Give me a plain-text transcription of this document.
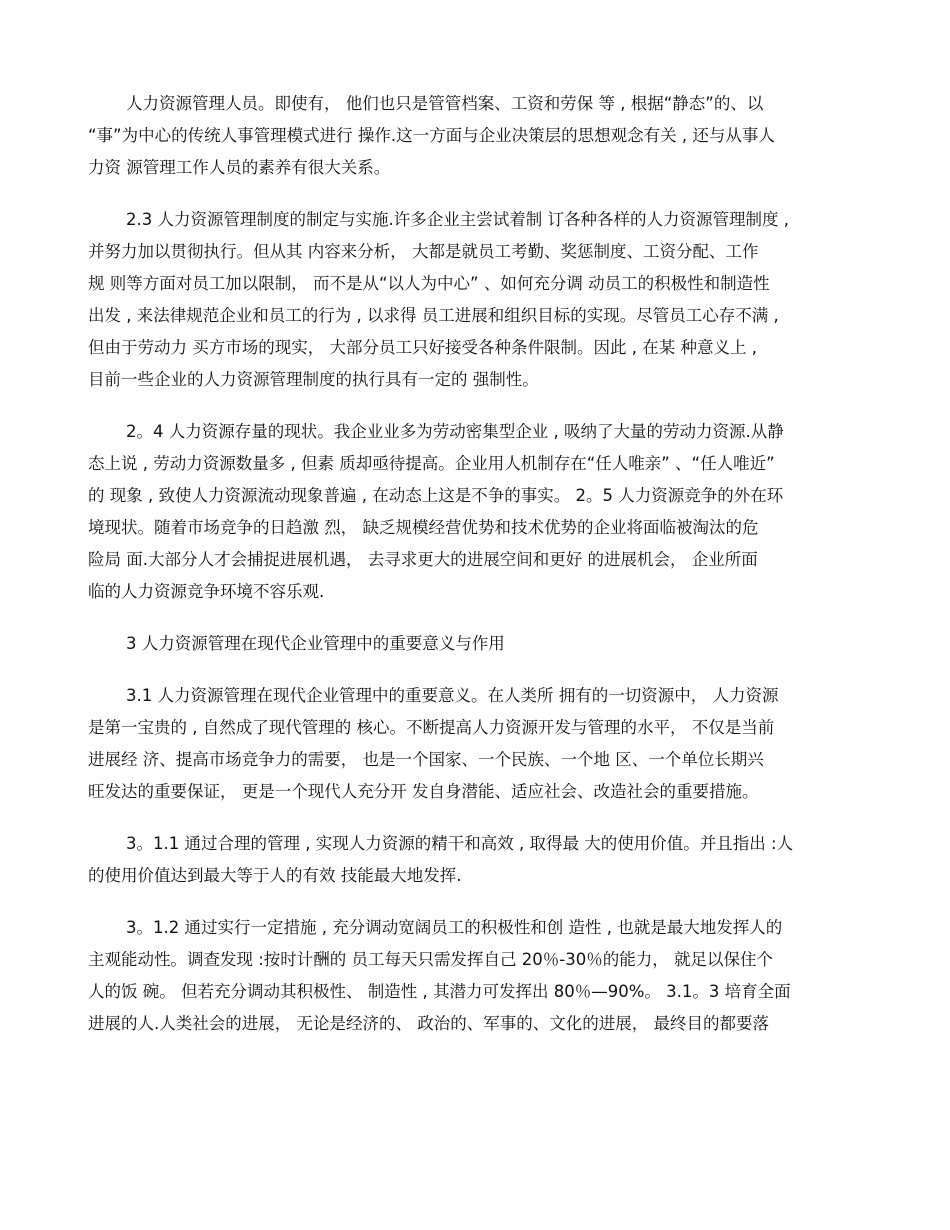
人力资源管理人员。即使有， 他们也只是管管档案、工资和劳保 等 , 根据“静态”的、以
“事”为中心的传统人事管理模式进行 操作.这一方面与企业决策层的思想观念有关 , 还与从事人
力资 源管理工作人员的素养有很大关系。
2.3 人力资源管理制度的制定与实施.许多企业主尝试着制 订各种各样的人力资源管理制度 ,
并努力加以贯彻执行。但从其 内容来分析， 大都是就员工考勤、奖惩制度、工资分配、工作
规 则等方面对员工加以限制， 而不是从“以人为中心” 、如何充分调 动员工的积极性和制造性
出发 , 来法律规范企业和员工的行为 , 以求得 员工进展和组织目标的实现。尽管员工心存不满 ,
但由于劳动力 买方市场的现实， 大部分员工只好接受各种条件限制。因此 , 在某 种意义上 ,
目前一些企业的人力资源管理制度的执行具有一定的 强制性。
2。4 人力资源存量的现状。我企业业多为劳动密集型企业 , 吸纳了大量的劳动力资源.从静
态上说 , 劳动力资源数量多 , 但素 质却亟待提高。企业用人机制存在“任人唯亲” 、“任人唯近”
的 现象 , 致使人力资源流动现象普遍 , 在动态上这是不争的事实。 2。5 人力资源竞争的外在环
境现状。随着市场竞争的日趋激 烈， 缺乏规模经营优势和技术优势的企业将面临被淘汰的危
险局 面.大部分人才会捕捉进展机遇， 去寻求更大的进展空间和更好 的进展机会， 企业所面
临的人力资源竞争环境不容乐观.
3 人力资源管理在现代企业管理中的重要意义与作用
3.1 人力资源管理在现代企业管理中的重要意义。在人类所 拥有的一切资源中， 人力资源
是第一宝贵的 , 自然成了现代管理的 核心。不断提高人力资源开发与管理的水平， 不仅是当前
进展经 济、提高市场竞争力的需要， 也是一个国家、一个民族、一个地 区、一个单位长期兴
旺发达的重要保证， 更是一个现代人充分开 发自身潜能、适应社会、改造社会的重要措施。
3。1.1 通过合理的管理 , 实现人力资源的精干和高效 , 取得最 大的使用价值。并且指出 :人
的使用价值达到最大等于人的有效 技能最大地发挥.
3。1.2 通过实行一定措施 , 充分调动宽阔员工的积极性和创 造性 , 也就是最大地发挥人的
主观能动性。调查发现 :按时计酬的 员工每天只需发挥自己 20％-30％的能力， 就足以保住个
人的饭 碗。 但若充分调动其积极性、 制造性 , 其潜力可发挥出 80％—90%。 3.1。3 培育全面
进展的人.人类社会的进展， 无论是经济的、 政治的、军事的、文化的进展， 最终目的都要落
